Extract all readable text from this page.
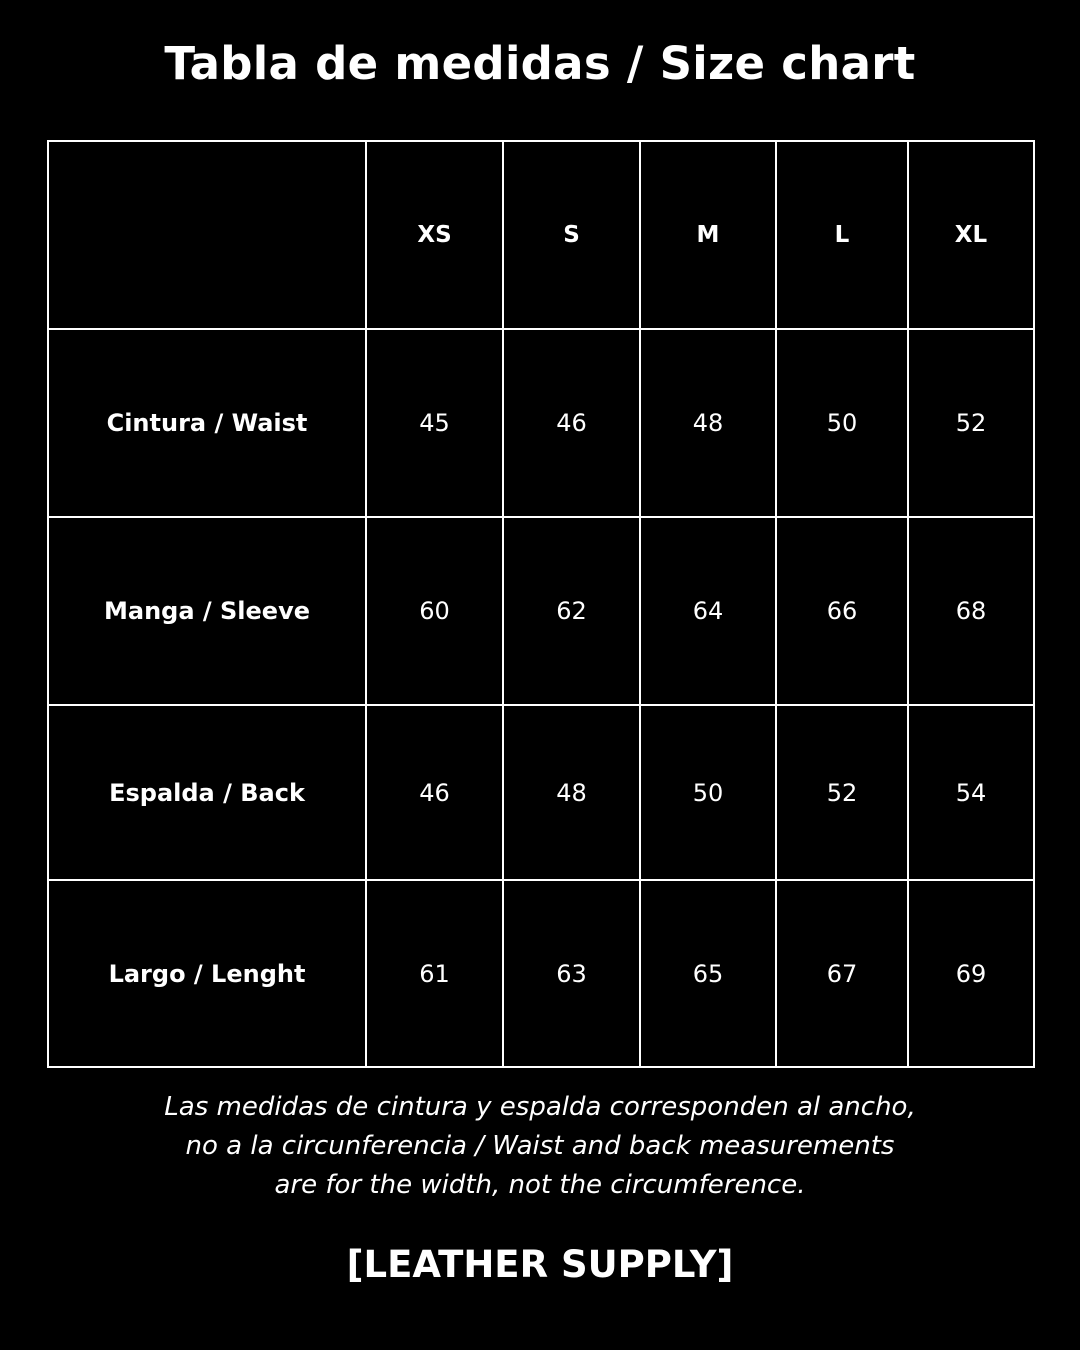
Tabla de medidas / Size chart
	XS	S	M	L	XL
Cintura / Waist	45	46	48	50	52
Manga / Sleeve	60	62	64	66	68
Espalda / Back	46	48	50	52	54
Largo / Lenght	61	63	65	67	69
Las medidas de cintura y espalda corresponden al ancho,
no a la circunferencia / Waist and back measurements
are for the width, not the circumference.
[LEATHER SUPPLY]
